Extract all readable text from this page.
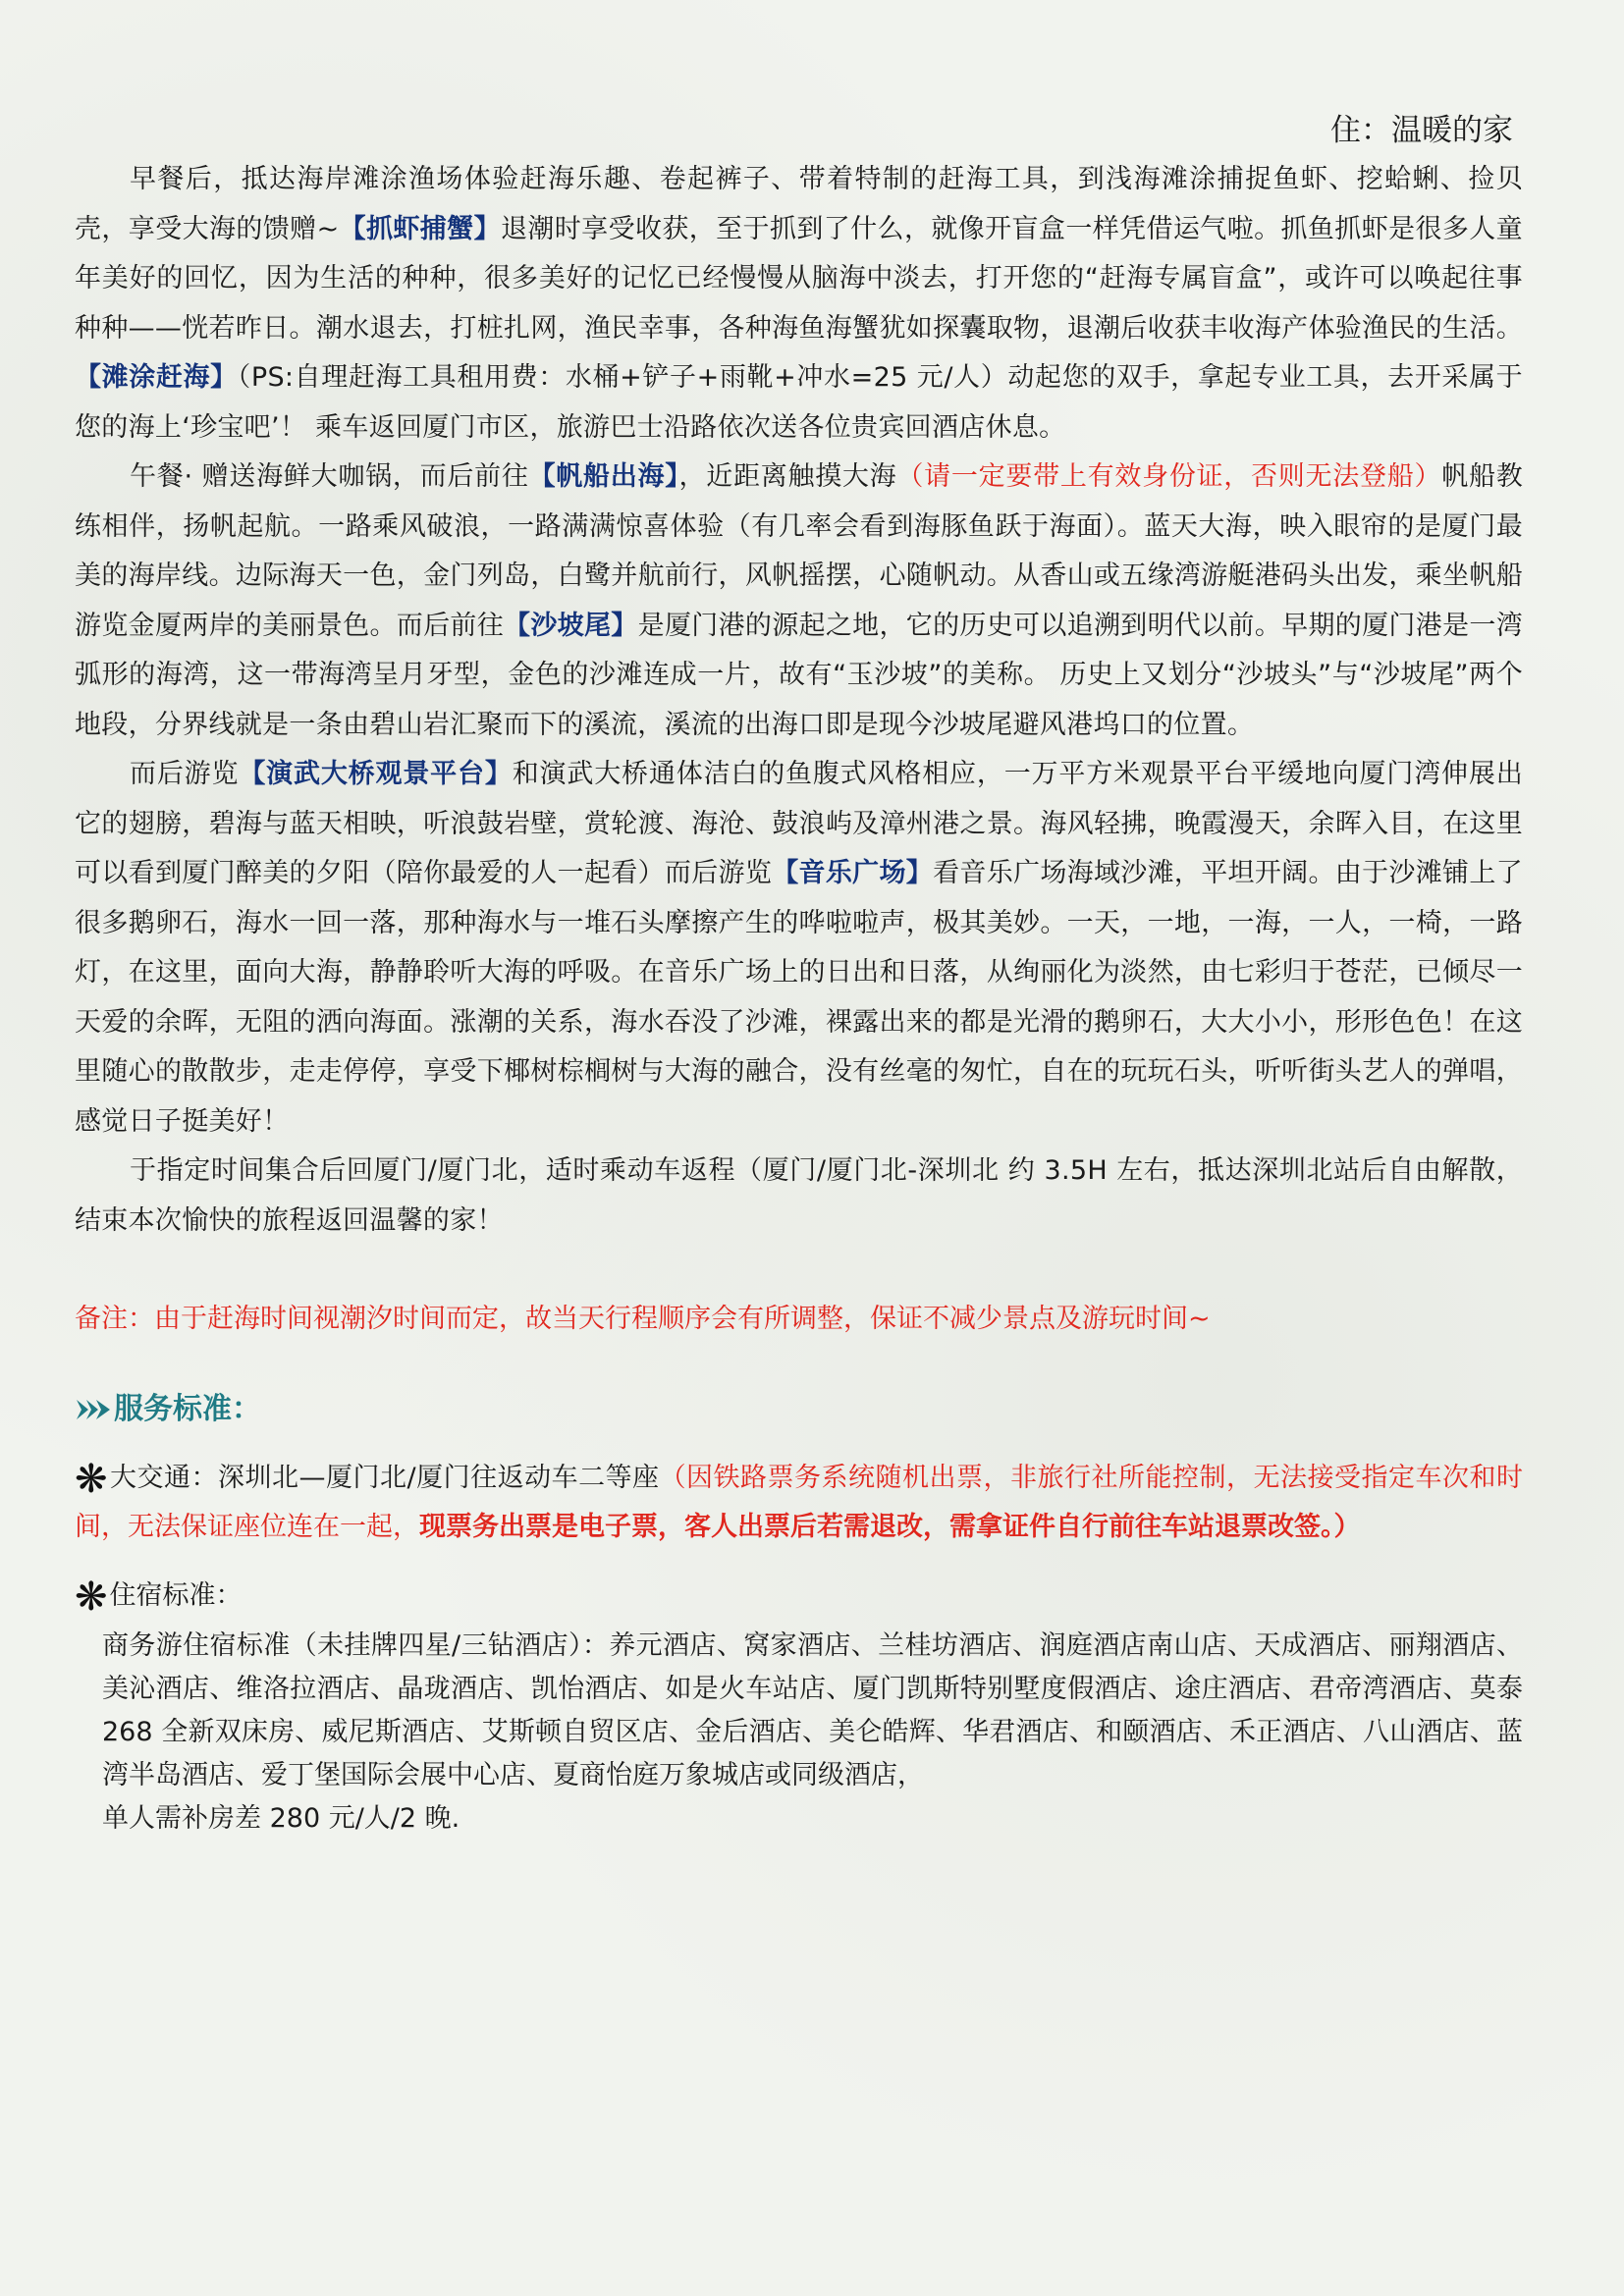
住：温暖的家

早餐后，抵达海岸滩涂渔场体验赶海乐趣、卷起裤子、带着特制的赶海工具，到浅海滩涂捕捉鱼虾、挖蛤蜊、捡贝壳，享受大海的馈赠~【抓虾捕蟹】退潮时享受收获，至于抓到了什么，就像开盲盒一样凭借运气啦。抓鱼抓虾是很多人童年美好的回忆，因为生活的种种，很多美好的记忆已经慢慢从脑海中淡去，打开您的“赶海专属盲盒”，或许可以唤起往事种种——恍若昨日。潮水退去，打桩扎网，渔民幸事，各种海鱼海蟹犹如探囊取物，退潮后收获丰收海产体验渔民的生活。【滩涂赶海】（PS:自理赶海工具租用费：水桶+铲子+雨靴+冲水=25 元/人）动起您的双手，拿起专业工具，去开采属于您的海上‘珍宝吧’！ 乘车返回厦门市区，旅游巴士沿路依次送各位贵宾回酒店休息。

午餐· 赠送海鲜大咖锅，而后前往【帆船出海】，近距离触摸大海（请一定要带上有效身份证，否则无法登船）帆船教练相伴，扬帆起航。一路乘风破浪，一路满满惊喜体验（有几率会看到海豚鱼跃于海面）。蓝天大海，映入眼帘的是厦门最美的海岸线。边际海天一色，金门列岛，白鹭并航前行，风帆摇摆，心随帆动。从香山或五缘湾游艇港码头出发，乘坐帆船游览金厦两岸的美丽景色。而后前往【沙坡尾】是厦门港的源起之地，它的历史可以追溯到明代以前。早期的厦门港是一湾弧形的海湾，这一带海湾呈月牙型，金色的沙滩连成一片，故有“玉沙坡”的美称。 历史上又划分“沙坡头”与“沙坡尾”两个地段，分界线就是一条由碧山岩汇聚而下的溪流，溪流的出海口即是现今沙坡尾避风港坞口的位置。

而后游览【演武大桥观景平台】和演武大桥通体洁白的鱼腹式风格相应，一万平方米观景平台平缓地向厦门湾伸展出它的翅膀，碧海与蓝天相映，听浪鼓岩壁，赏轮渡、海沧、鼓浪屿及漳州港之景。海风轻拂，晚霞漫天，余晖入目，在这里可以看到厦门醉美的夕阳（陪你最爱的人一起看）而后游览【音乐广场】看音乐广场海域沙滩，平坦开阔。由于沙滩铺上了很多鹅卵石，海水一回一落，那种海水与一堆石头摩擦产生的哗啦啦声，极其美妙。一天，一地，一海，一人，一椅，一路灯，在这里，面向大海，静静聆听大海的呼吸。在音乐广场上的日出和日落，从绚丽化为淡然，由七彩归于苍茫，已倾尽一天爱的余晖，无阻的洒向海面。涨潮的关系，海水吞没了沙滩，裸露出来的都是光滑的鹅卵石，大大小小，形形色色！在这里随心的散散步，走走停停，享受下椰树棕榈树与大海的融合，没有丝毫的匆忙，自在的玩玩石头，听听街头艺人的弹唱，感觉日子挺美好！

于指定时间集合后回厦门/厦门北，适时乘动车返程（厦门/厦门北-深圳北 约 3.5H 左右，抵达深圳北站后自由解散，结束本次愉快的旅程返回温馨的家！

备注：由于赶海时间视潮汐时间而定，故当天行程顺序会有所调整，保证不减少景点及游玩时间~
服务标准：
❋大交通：深圳北—厦门北/厦门往返动车二等座（因铁路票务系统随机出票，非旅行社所能控制，无法接受指定车次和时间，无法保证座位连在一起，现票务出票是电子票，客人出票后若需退改，需拿证件自行前往车站退票改签。）
❋住宿标准：
商务游住宿标准（未挂牌四星/三钻酒店）：养元酒店、窝家酒店、兰桂坊酒店、润庭酒店南山店、天成酒店、丽翔酒店、美沁酒店、维洛拉酒店、晶珑酒店、凯怡酒店、如是火车站店、厦门凯斯特别墅度假酒店、途庄酒店、君帝湾酒店、莫泰 268 全新双床房、威尼斯酒店、艾斯顿自贸区店、金后酒店、美仑皓辉、华君酒店、和颐酒店、禾正酒店、八山酒店、蓝湾半岛酒店、爱丁堡国际会展中心店、夏商怡庭万象城店或同级酒店，
单人需补房差 280 元/人/2 晚.
